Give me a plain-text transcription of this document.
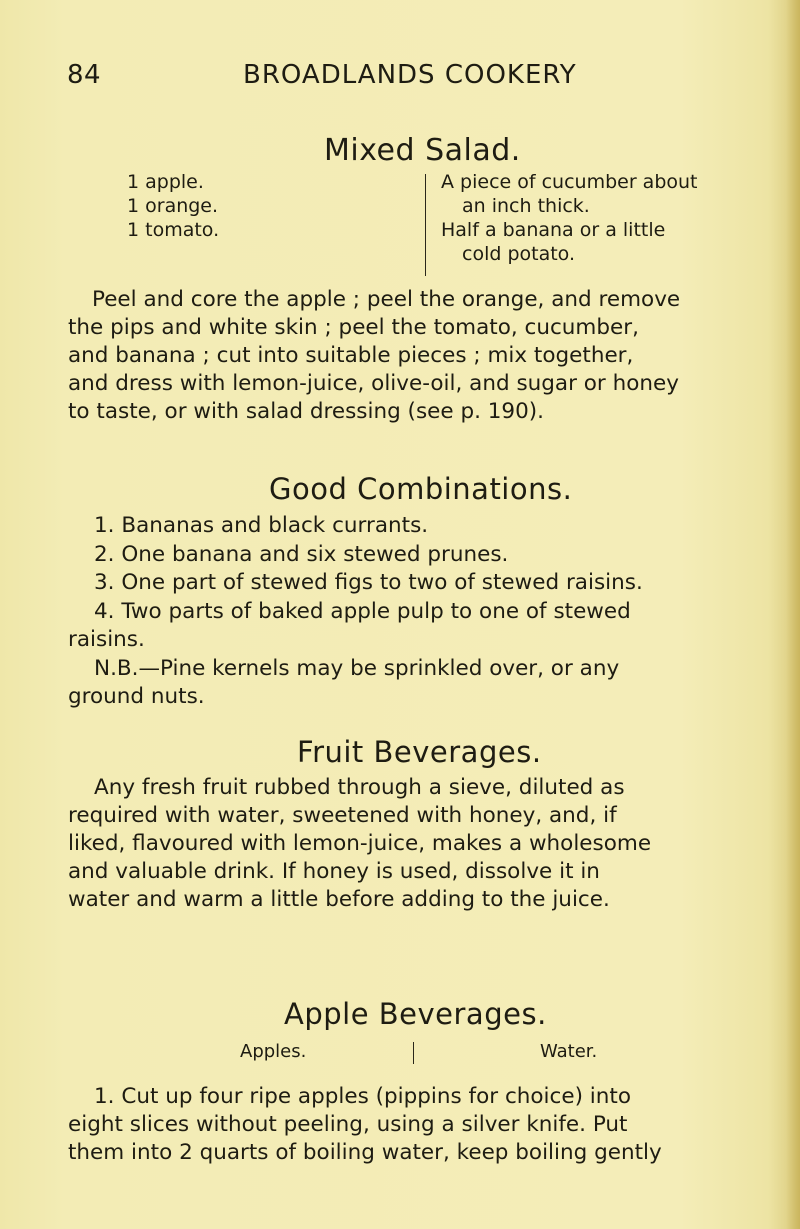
84	BROADLANDS COOKERY
Mixed Salad.
1 apple.
1 orange.
1 tomato.
A piece of cucumber about
an inch thick.
Half a banana or a little
cold potato.
Peel and core the apple ; peel the orange, and remove
the pips and white skin ; peel the tomato, cucumber,
and banana ; cut into suitable pieces ; mix together,
and dress with lemon-juice, olive-oil, and sugar or honey
to taste, or with salad dressing (see p. 190).
Good Combinations.
1. Bananas and black currants.
2. One banana and six stewed prunes.
3. One part of stewed figs to two of stewed raisins.
4. Two parts of baked apple pulp to one of stewed
raisins.
N.B.—Pine kernels may be sprinkled over, or any
ground nuts.
Fruit Beverages.
Any fresh fruit rubbed through a sieve, diluted as
required with water, sweetened with honey, and, if
liked, flavoured with lemon-juice, makes a wholesome
and valuable drink. If honey is used, dissolve it in
water and warm a little before adding to the juice.
Apple Beverages.
Apples.	Water.
1. Cut up four ripe apples (pippins for choice) into
eight slices without peeling, using a silver knife. Put
them into 2 quarts of boiling water, keep boiling gently
